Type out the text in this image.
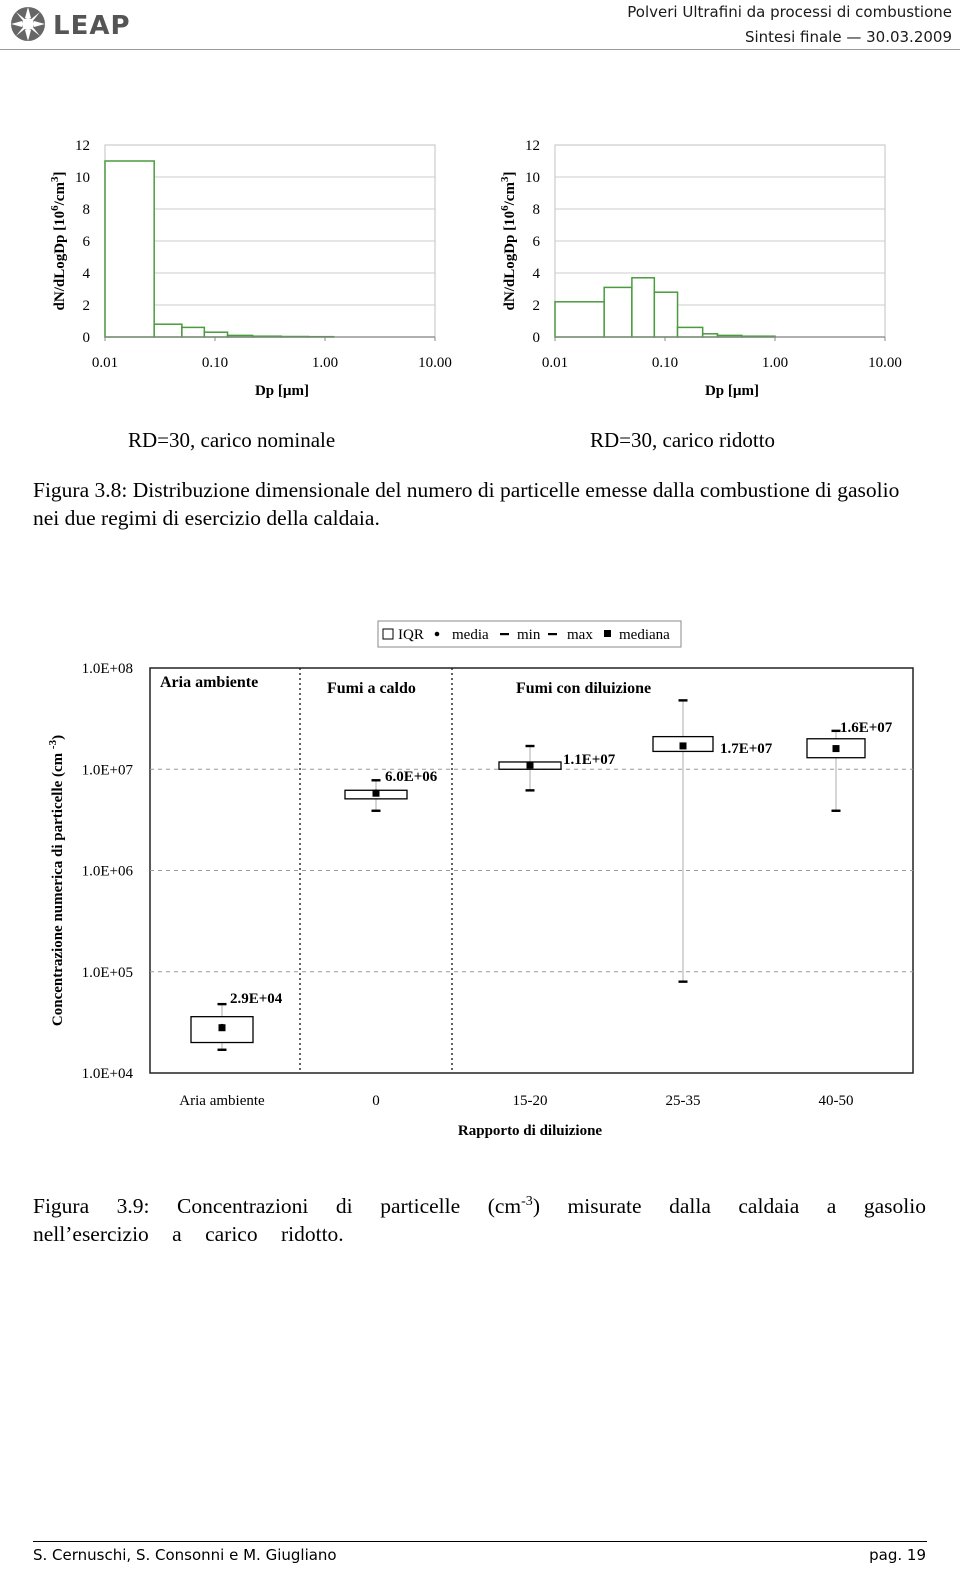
LEAP	Polveri Ultrafini da processi di combustione
Sintesi finale — 30.03.2009
0
2
4
6
8
10
12
0.01	0.10	1.00	10.00
Dp [µm]
dN/dLogDp $[10^6/cm^3]$
0
2
4
6
8
10
12
0.01	0.10	1.00	10.00
Dp [µm]
dN/dLogDp $[10^6/cm^3]$
RD=30, carico nominale	RD=30, carico ridotto
Figura 3.8: Distribuzione dimensionale del numero di particelle emesse dalla combustione di gasolio nei due regimi di esercizio della caldaia.
1.0E+04
1.0E+05
1.0E+06
1.0E+07
1.0E+08
Aria ambiente	Fumi a caldo	Fumi con diluizione
IQR media min max mediana
2.9E+04
6.0E+06
1.1E+07
1.7E+07
1.6E+07
Aria ambiente	0	15-20	25-35	40-50
Rapporto di diluizione
Concentrazione numerica di particelle (cm $^{-3}$)
Figura 3.9: Concentrazioni di particelle $(cm^{-3})$ misurate dalla caldaia a gasolio nell’esercizio a carico ridotto.
S. Cernuschi, S. Consonni e M. Giugliano	pag. 19
